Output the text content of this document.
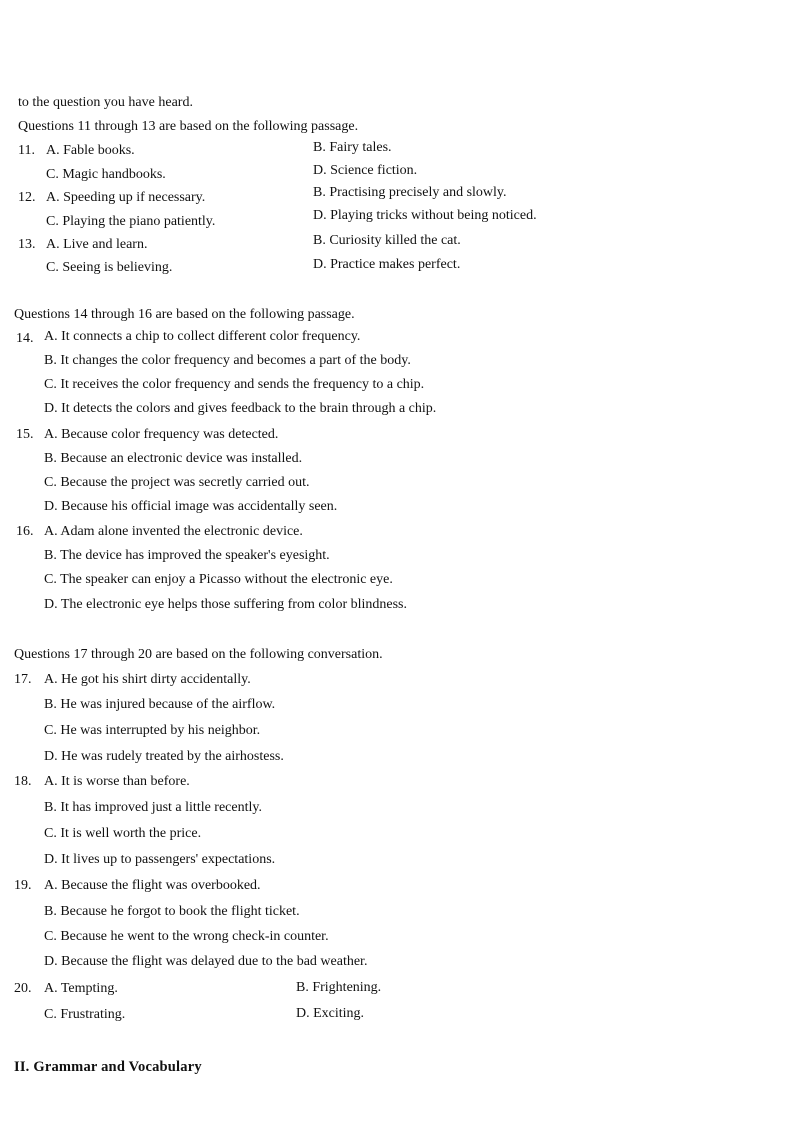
to the question you have heard.
Questions 11 through 13 are based on the following passage.
11. A. Fable books.	B. Fairy tales.
C. Magic handbooks.	D. Science fiction.
12. A. Speeding up if necessary.	B. Practising precisely and slowly.
C. Playing the piano patiently.	D. Playing tricks without being noticed.
13. A. Live and learn.	B. Curiosity killed the cat.
C. Seeing is believing.	D. Practice makes perfect.
Questions 14 through 16 are based on the following passage.
14. A. It connects a chip to collect different color frequency.
B. It changes the color frequency and becomes a part of the body.
C. It receives the color frequency and sends the frequency to a chip.
D. It detects the colors and gives feedback to the brain through a chip.
15. A. Because color frequency was detected.
B. Because an electronic device was installed.
C. Because the project was secretly carried out.
D. Because his official image was accidentally seen.
16. A. Adam alone invented the electronic device.
B. The device has improved the speaker's eyesight.
C. The speaker can enjoy a Picasso without the electronic eye.
D. The electronic eye helps those suffering from color blindness.
Questions 17 through 20 are based on the following conversation.
17. A. He got his shirt dirty accidentally.
B. He was injured because of the airflow.
C. He was interrupted by his neighbor.
D. He was rudely treated by the airhostess.
18. A. It is worse than before.
B. It has improved just a little recently.
C. It is well worth the price.
D. It lives up to passengers' expectations.
19. A. Because the flight was overbooked.
B. Because he forgot to book the flight ticket.
C. Because he went to the wrong check-in counter.
D. Because the flight was delayed due to the bad weather.
20. A. Tempting.	B. Frightening.
C. Frustrating.	D. Exciting.
II. Grammar and Vocabulary
